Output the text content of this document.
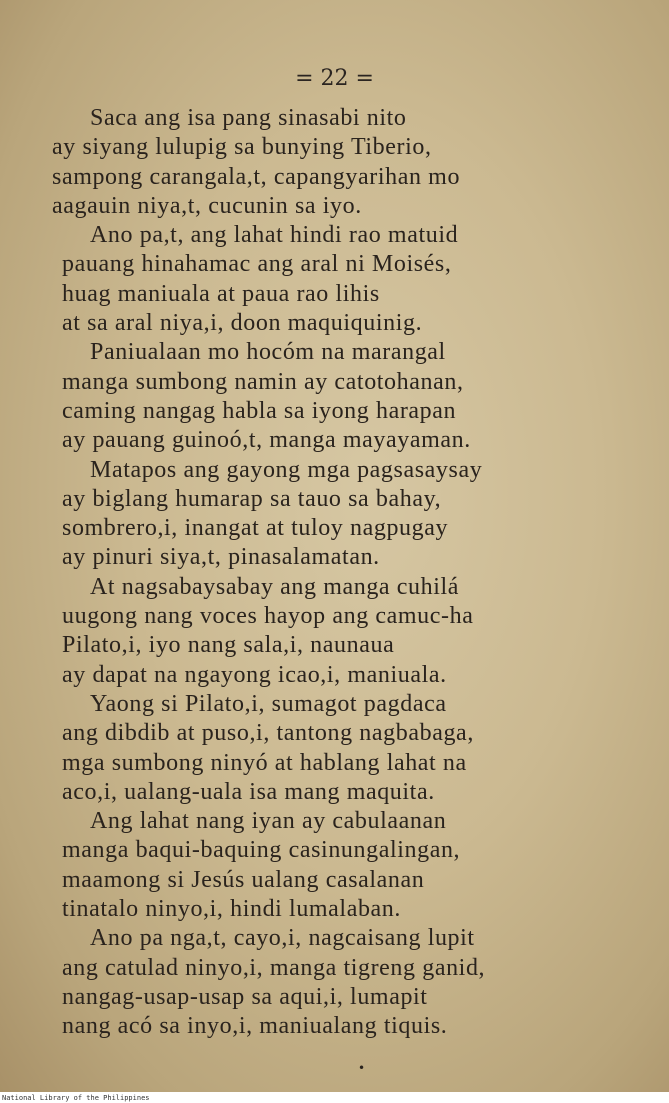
= 22 =
Saca ang isa pang sinasabi nito
ay siyang lulupig sa bunying Tiberio,
sampong carangala,t, capangyarihan mo
aagauin niya,t, cucunin sa iyo.
Ano pa,t, ang lahat hindi rao matuid
pauang hinahamac ang aral ni Moisés,
huag maniuala at paua rao lihis
at sa aral niya,i, doon maquiquinig.
Paniualaan mo hocóm na marangal
manga sumbong namin ay catotohanan,
caming nangag habla sa iyong harapan
ay pauang guinoó,t, manga mayayaman.
Matapos ang gayong mga pagsasaysay
ay biglang humarap sa tauo sa bahay,
sombrero,i, inangat at tuloy nagpugay
ay pinuri siya,t, pinasalamatan.
At nagsabaysabay ang manga cuhilá
uugong nang voces hayop ang camuc-ha
Pilato,i, iyo nang sala,i, naunaua
ay dapat na ngayong icao,i, maniuala.
Yaong si Pilato,i, sumagot pagdaca
ang dibdib at puso,i, tantong nagbabaga,
mga sumbong ninyó at hablang lahat na
aco,i, ualang-uala isa mang maquita.
Ang lahat nang iyan ay cabulaanan
manga baqui-baquing casinungalingan,
maamong si Jesús ualang casalanan
tinatalo ninyo,i, hindi lumalaban.
Ano pa nga,t, cayo,i, nagcaisang lupit
ang catulad ninyo,i, manga tigreng ganid,
nangag-usap-usap sa aqui,i, lumapit
nang acó sa inyo,i, maniualang tiquis.
•
National Library of the Philippines
